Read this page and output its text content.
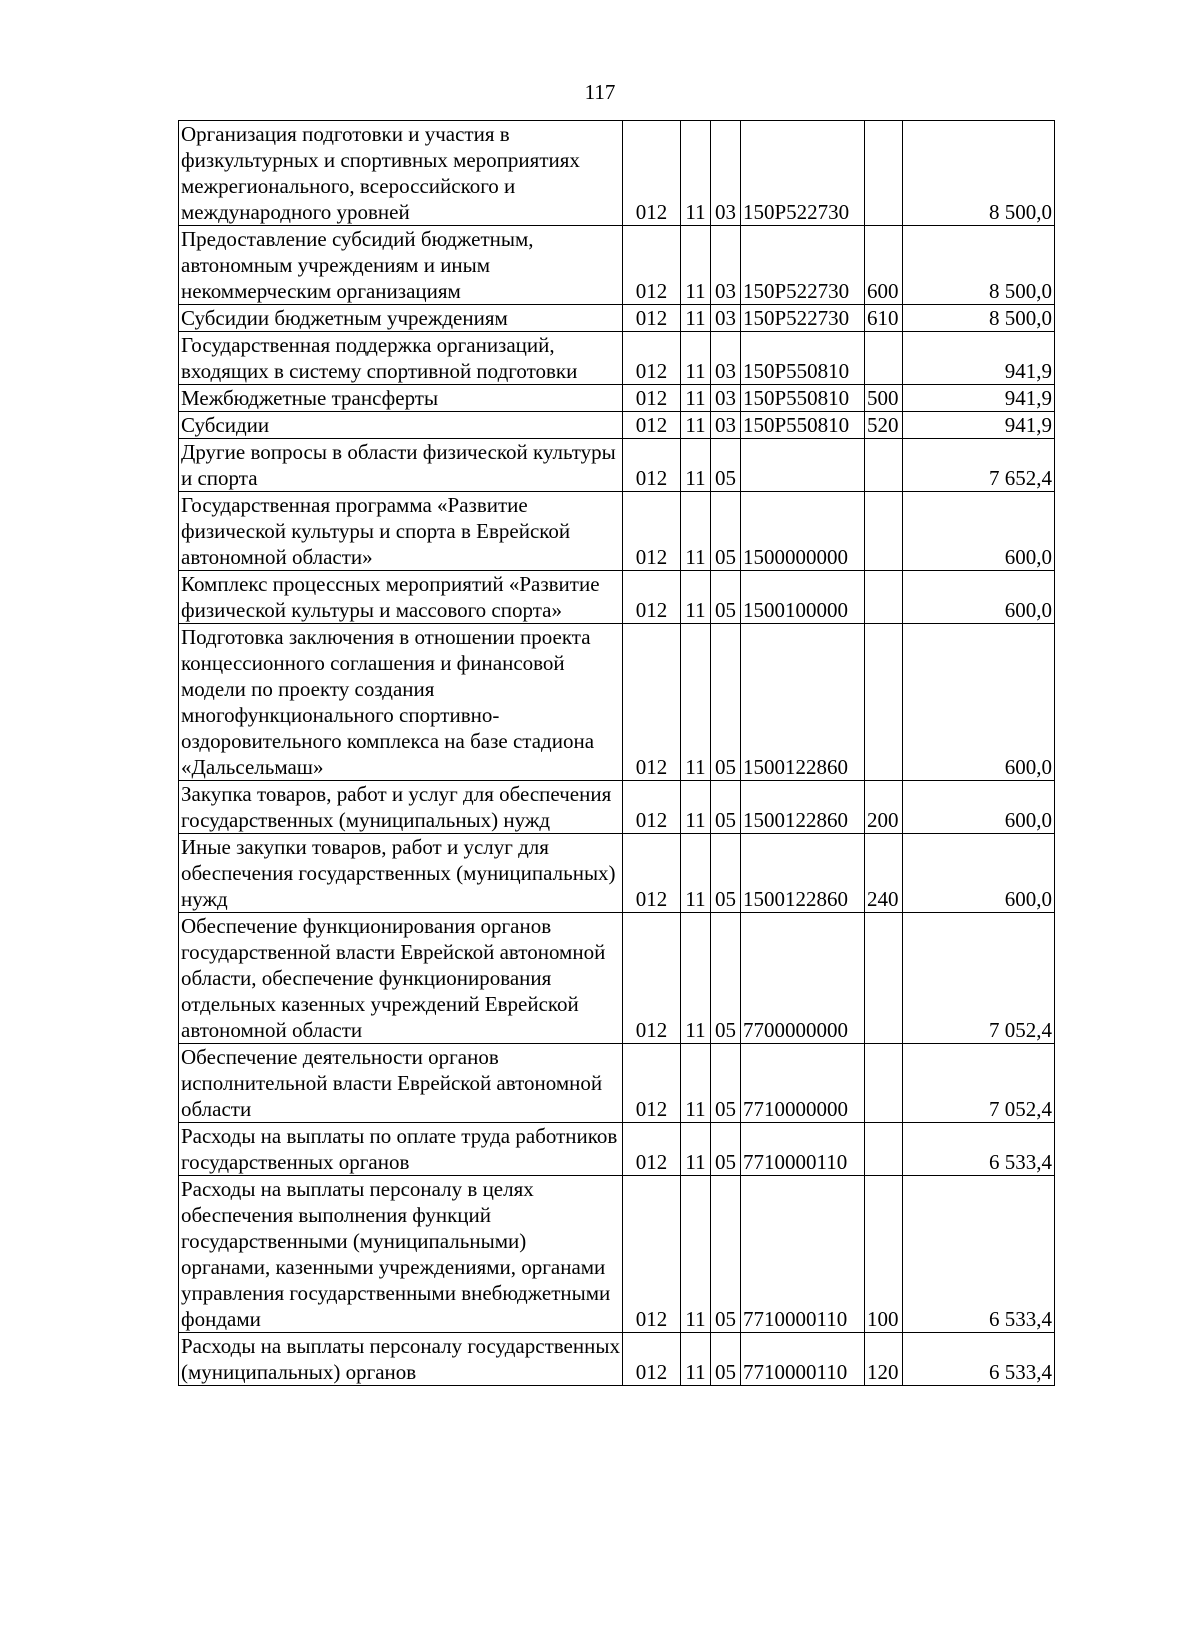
117
Организация подготовки и участия в физкультурных и спортивных мероприятиях межрегионального, всероссийского и международного уровней	012	11	03	150Р522730		8 500,0
Предоставление субсидий бюджетным, автономным учреждениям и иным некоммерческим организациям	012	11	03	150Р522730	600	8 500,0
Субсидии бюджетным учреждениям	012	11	03	150Р522730	610	8 500,0
Государственная поддержка организаций, входящих в систему спортивной подготовки	012	11	03	150Р550810		941,9
Межбюджетные трансферты	012	11	03	150Р550810	500	941,9
Субсидии	012	11	03	150Р550810	520	941,9
Другие вопросы в области физической культуры и спорта	012	11	05			7 652,4
Государственная программа «Развитие физической культуры и спорта в Еврейской автономной области»	012	11	05	1500000000		600,0
Комплекс процессных мероприятий «Развитие физической культуры и массового спорта»	012	11	05	1500100000		600,0
Подготовка заключения в отношении проекта концессионного соглашения и финансовой модели по проекту создания многофункционального спортивно-оздоровительного комплекса на базе стадиона «Дальсельмаш»	012	11	05	1500122860		600,0
Закупка товаров, работ и услуг для обеспечения государственных (муниципальных) нужд	012	11	05	1500122860	200	600,0
Иные закупки товаров, работ и услуг для обеспечения государственных (муниципальных) нужд	012	11	05	1500122860	240	600,0
Обеспечение функционирования органов государственной власти Еврейской автономной области, обеспечение функционирования отдельных казенных учреждений Еврейской автономной области	012	11	05	7700000000		7 052,4
Обеспечение деятельности органов исполнительной власти Еврейской автономной области	012	11	05	7710000000		7 052,4
Расходы на выплаты по оплате труда работников государственных органов	012	11	05	7710000110		6 533,4
Расходы на выплаты персоналу в целях обеспечения выполнения функций государственными (муниципальными) органами, казенными учреждениями, органами управления государственными внебюджетными фондами	012	11	05	7710000110	100	6 533,4
Расходы на выплаты персоналу государственных (муниципальных) органов	012	11	05	7710000110	120	6 533,4
